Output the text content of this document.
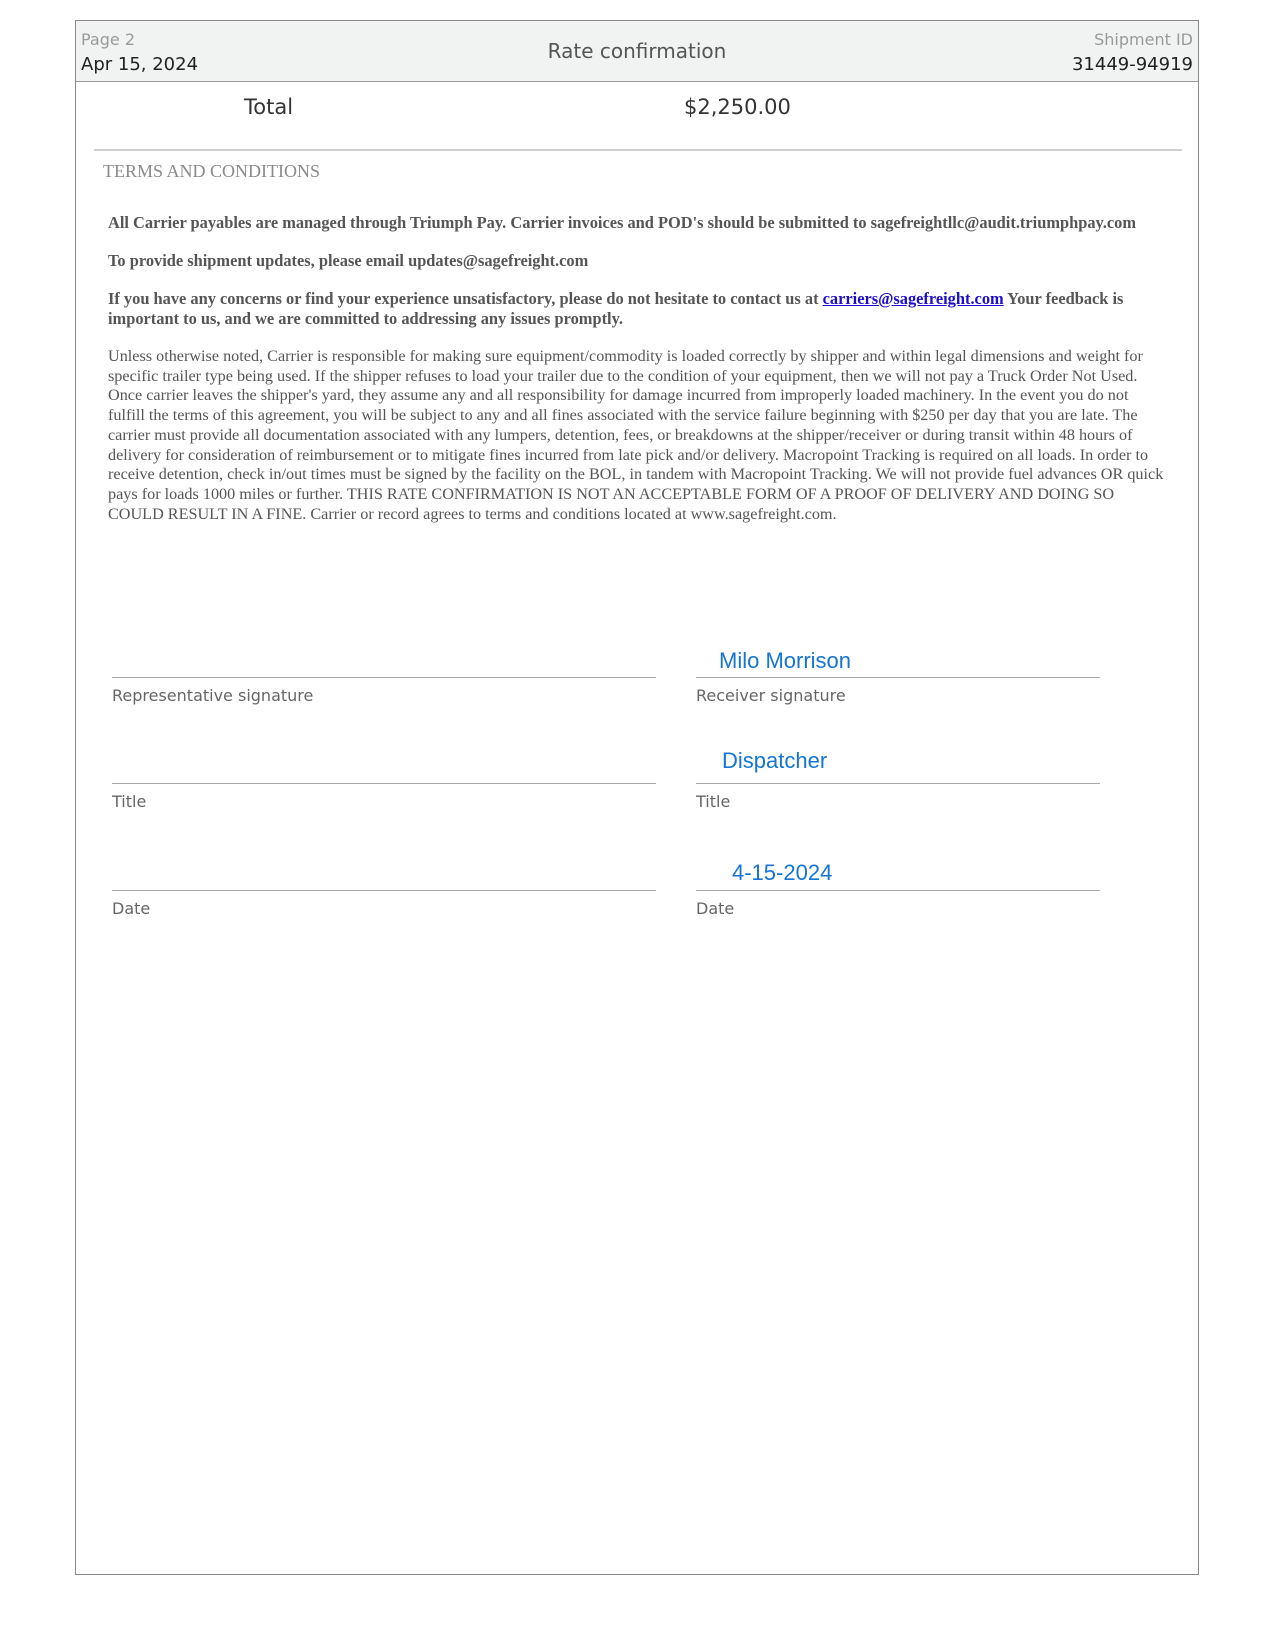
Page 2
Apr 15, 2024
Rate confirmation	Shipment ID
31449-94919
Total	$2,250.00
TERMS AND CONDITIONS

All Carrier payables are managed through Triumph Pay. Carrier invoices and POD's should be submitted to sagefreightllc@audit.triumphpay.com

To provide shipment updates, please email updates@sagefreight.com

If you have any concerns or find your experience unsatisfactory, please do not hesitate to contact us at carriers@sagefreight.com Your feedback is important to us, and we are committed to addressing any issues promptly.

Unless otherwise noted, Carrier is responsible for making sure equipment/commodity is loaded correctly by shipper and within legal dimensions and weight for specific trailer type being used. If the shipper refuses to load your trailer due to the condition of your equipment, then we will not pay a Truck Order Not Used. Once carrier leaves the shipper's yard, they assume any and all responsibility for damage incurred from improperly loaded machinery. In the event you do not fulfill the terms of this agreement, you will be subject to any and all fines associated with the service failure beginning with $250 per day that you are late. The carrier must provide all documentation associated with any lumpers, detention, fees, or breakdowns at the shipper/receiver or during transit within 48 hours of delivery for consideration of reimbursement or to mitigate fines incurred from late pick and/or delivery. Macropoint Tracking is required on all loads. In order to receive detention, check in/out times must be signed by the facility on the BOL, in tandem with Macropoint Tracking. We will not provide fuel advances OR quick pays for loads 1000 miles or further. THIS RATE CONFIRMATION IS NOT AN ACCEPTABLE FORM OF A PROOF OF DELIVERY AND DOING SO COULD RESULT IN A FINE. Carrier or record agrees to terms and conditions located at www.sagefreight.com.

Representative signature
Title
Date
Milo Morrison
Receiver signature
Dispatcher
Title
4-15-2024
Date
